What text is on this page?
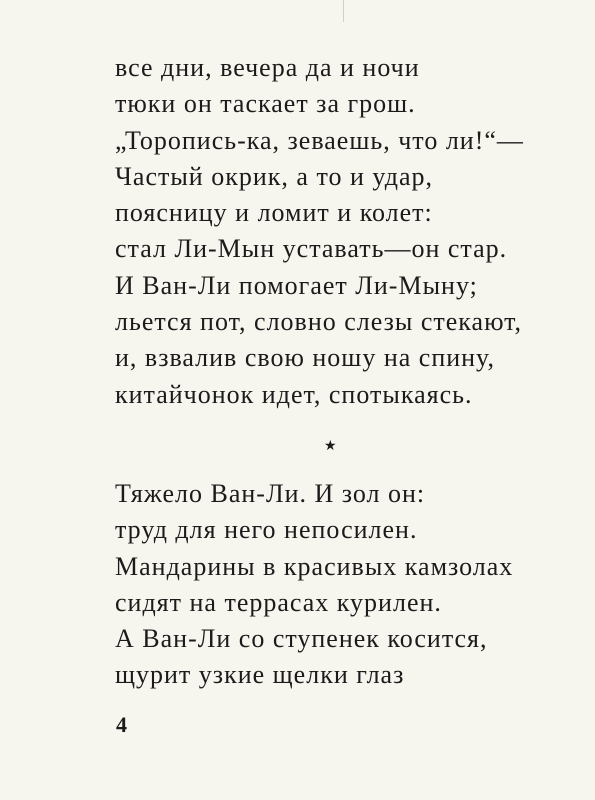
все дни, вечера да и ночи
тюки он таскает за грош.
„Торопись-ка, зеваешь, что ли!“—
Частый окрик, а то и удар,
поясницу и ломит и колет:
стал Ли-Мын уставать—он стар.
И Ван-Ли помогает Ли-Мыну;
льется пот, словно слезы стекают,
и, взвалив свою ношу на спину,
китайчонок идет, спотыкаясь.
★
Тяжело Ван-Ли. И зол он:
труд для него непосилен.
Мандарины в красивых камзолах
сидят на террасах курилен.
А Ван-Ли со ступенек косится,
щурит узкие щелки глаз
4
